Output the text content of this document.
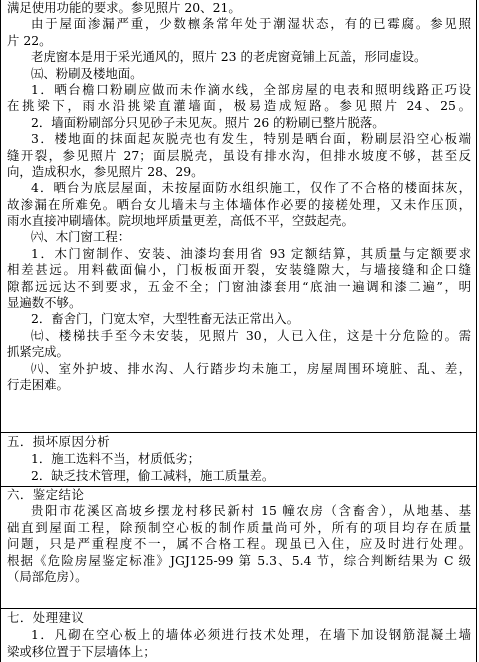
满足使用功能的要求。参见照片 20、21。
由于屋面渗漏严重，少数檩条常年处于潮湿状态，有的已霉腐。参见照
片 22。
老虎窗本是用于采光通风的，照片 23 的老虎窗竟铺上瓦盖，形同虚设。
㈤、粉刷及楼地面。
1．晒台檐口粉刷应做而未作滴水线，全部房屋的电表和照明线路正巧设
在挑梁下，雨水沿挑梁直灌墙面，极易造成短路。参见照片 24、25。
2．墙面粉刷部分只见砂子未见灰。照片 26 的粉刷已整片脱落。
3．楼地面的抹面起灰脱壳也有发生，特别是晒台面，粉刷层沿空心板端
缝开裂，参见照片 27；面层脱壳，虽设有排水沟，但排水坡度不够，甚至反
向，造成积水，参见照片 28、29。
4．晒台为底层屋面，未按屋面防水组织施工，仅作了不合格的楼面抹灰，
故渗漏在所难免。晒台女儿墙未与主体墙体作必要的接槎处理，又未作压顶，
雨水直接冲刷墙体。院坝地坪质量更差，高低不平，空鼓起壳。
㈥、木门窗工程：
1．木门窗制作、安装、油漆均套用省 93 定额结算，其质量与定额要求
相差甚远。用料截面偏小，门板板面开裂，安装缝隙大，与墙接缝和企口缝
隙都远远达不到要求，五金不全；门窗油漆套用“底油一遍调和漆二遍”，明
显遍数不够。
2．畜舍门，门宽太窄，大型牲畜无法正常出入。
㈦、楼梯扶手至今未安装，见照片 30，人已入住，这是十分危险的。需
抓紧完成。
㈧、室外护坡、排水沟、人行踏步均未施工，房屋周围环境脏、乱、差，
行走困难。
五．损坏原因分析
1．施工选料不当，材质低劣；
2．缺乏技术管理，偷工减料，施工质量差。
六．鉴定结论
贵阳市花溪区高坡乡摆龙村移民新村 15 幢农房（含畜舍），从地基、基
础直到屋面工程，除预制空心板的制作质量尚可外，所有的项目均存在质量
问题，只是严重程度不一，属不合格工程。现虽已入住，应及时进行处理。
根据《危险房屋鉴定标准》JGJ125-99 第 5.3、5.4 节，综合判断结果为 C 级
（局部危房）。
七．处理建议
1．凡砌在空心板上的墙体必须进行技术处理，在墙下加设钢筋混凝土墙
梁或移位置于下层墙体上；
